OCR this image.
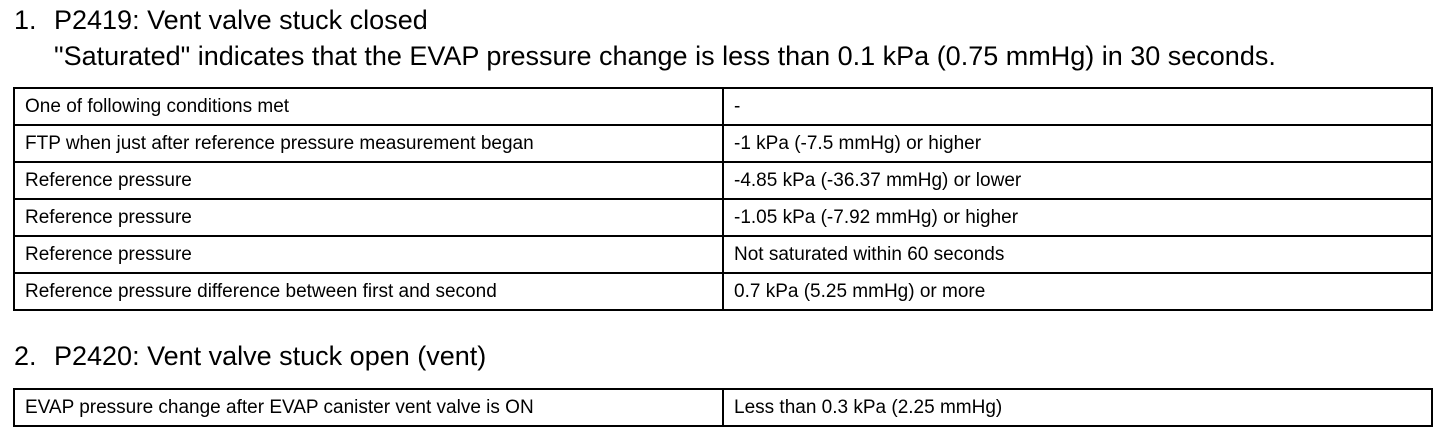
1. P2419: Vent valve stuck closed

"Saturated" indicates that the EVAP pressure change is less than 0.1 kPa (0.75 mmHg) in 30 seconds.

One of following conditions met	-
FTP when just after reference pressure measurement began	-1 kPa (-7.5 mmHg) or higher
Reference pressure	-4.85 kPa (-36.37 mmHg) or lower
Reference pressure	-1.05 kPa (-7.92 mmHg) or higher
Reference pressure	Not saturated within 60 seconds
Reference pressure difference between first and second	0.7 kPa (5.25 mmHg) or more
2. P2420: Vent valve stuck open (vent)
EVAP pressure change after EVAP canister vent valve is ON	Less than 0.3 kPa (2.25 mmHg)
